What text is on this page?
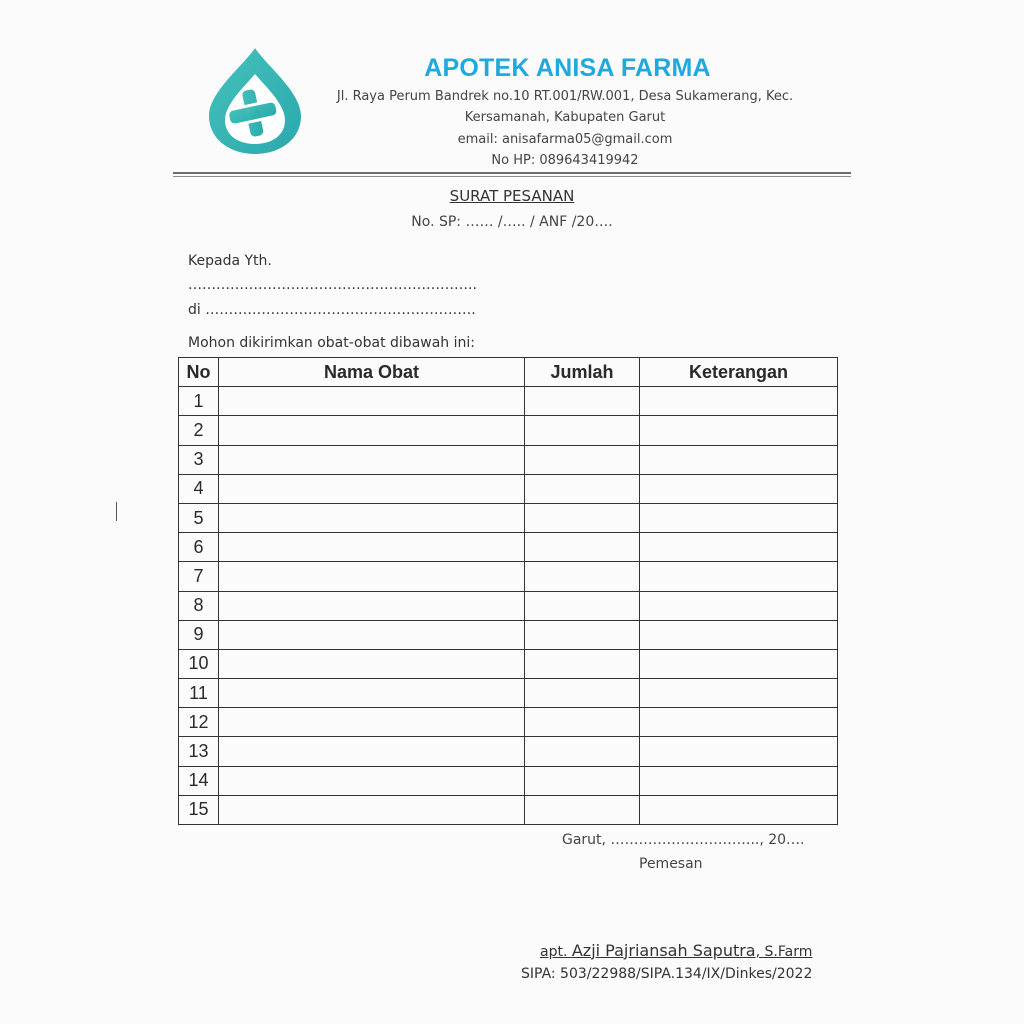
APOTEK ANISA FARMA
Jl. Raya Perum Bandrek no.10 RT.001/RW.001, Desa Sukamerang, Kec.
Kersamanah, Kabupaten Garut
email: anisafarma05@gmail.com
No HP: 089643419942
SURAT PESANAN
No. SP: …… /….. / ANF /20….
Kepada Yth.
……………………………………………………..
di ………………………………………………….
Mohon dikirimkan obat-obat dibawah ini:
No	Nama Obat	Jumlah	Keterangan
1			
2			
3			
4			
5			
6			
7			
8			
9			
10			
11			
12			
13			
14			
15			
Garut, ………………………….., 20….
Pemesan
apt. Azji Pajriansah Saputra, S.Farm
SIPA: 503/22988/SIPA.134/IX/Dinkes/2022
